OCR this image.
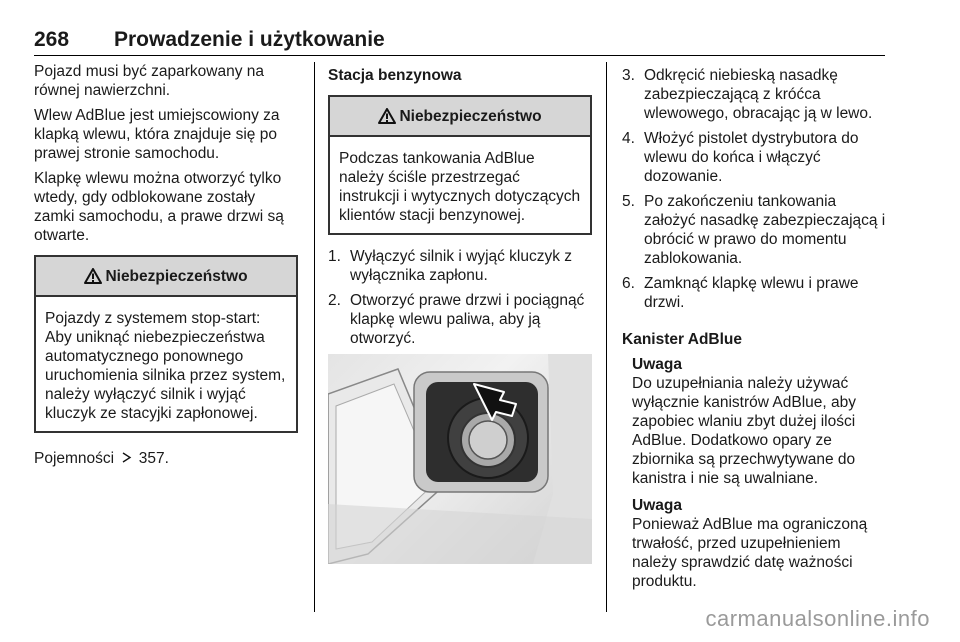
268 Prowadzenie i użytkowanie

Pojazd musi być zaparkowany na równej nawierzchni.

Wlew AdBlue jest umiejscowiony za klapką wlewu, która znajduje się po prawej stronie samochodu.

Klapkę wlewu można otworzyć tylko wtedy, gdy odblokowane zostały zamki samochodu, a prawe drzwi są otwarte.

Niebezpieczeństwo
Pojazdy z systemem stop-start: Aby uniknąć niebezpieczeństwa automatycznego ponownego uruchomienia silnika przez system, należy wyłączyć silnik i wyjąć kluczyk ze stacyjki zapłonowej.

Pojemności 357.

Stacja benzynowa
Niebezpieczeństwo
Podczas tankowania AdBlue należy ściśle przestrzegać instrukcji i wytycznych dotyczących klientów stacji benzynowej.
1. Wyłączyć silnik i wyjąć kluczyk z wyłącznika zapłonu.
2. Otworzyć prawe drzwi i pociągnąć klapkę wlewu paliwa, aby ją otworzyć.
3. Odkręcić niebieską nasadkę zabezpieczającą z króćca wlewowego, obracając ją w lewo.
4. Włożyć pistolet dystrybutora do wlewu do końca i włączyć dozowanie.
5. Po zakończeniu tankowania założyć nasadkę zabezpieczającą i obrócić w prawo do momentu zablokowania.
6. Zamknąć klapkę wlewu i prawe drzwi.
Kanister AdBlue
Uwaga

Do uzupełniania należy używać wyłącznie kanistrów AdBlue, aby zapobiec wlaniu zbyt dużej ilości AdBlue. Dodatkowo opary ze zbiornika są przechwytywane do kanistra i nie są uwalniane.

Uwaga

Ponieważ AdBlue ma ograniczoną trwałość, przed uzupełnieniem należy sprawdzić datę ważności produktu.

carmanualsonline.info
